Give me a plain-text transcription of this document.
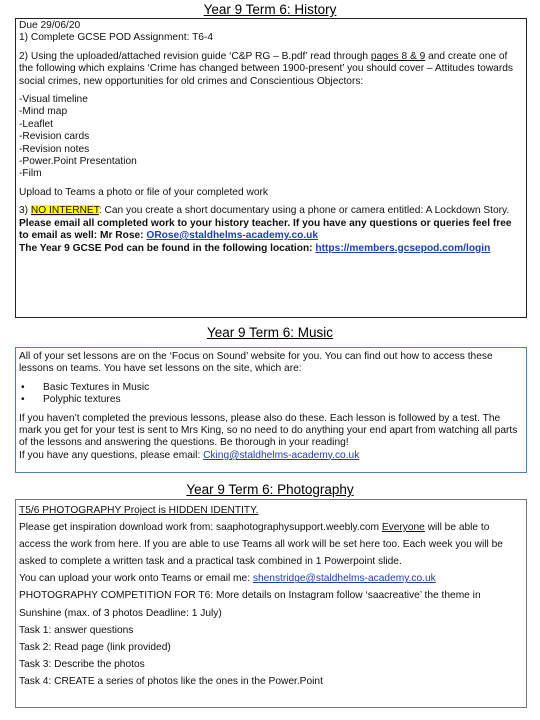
Year 9 Term 6: History

Due 29/06/20

1) Complete GCSE POD Assignment: T6-4

2) Using the uploaded/attached revision guide ‘C&P RG – B.pdf’ read through pages 8 & 9 and create one of the following which explains ‘Crime has changed between 1900-present’ you should cover – Attitudes towards social crimes, new opportunities for old crimes and Conscientious Objectors:

-Visual timeline

-Mind map

-Leaflet

-Revision cards

-Revision notes

-Power.Point Presentation

-Film

Upload to Teams a photo or file of your completed work

3) NO INTERNET: Can you create a short documentary using a phone or camera entitled: A Lockdown Story.

Please email all completed work to your history teacher. If you have any questions or queries feel free to email as well: Mr Rose: ORose@staldhelms-academy.co.uk

The Year 9 GCSE Pod can be found in the following location: https://members.gcsepod.com/login

Year 9 Term 6: Music

All of your set lessons are on the ‘Focus on Sound’ website for you. You can find out how to access these lessons on teams. You have set lessons on the site, which are:

•	Basic Textures in Music
•	Polyphic textures

If you haven’t completed the previous lessons, please also do these. Each lesson is followed by a test. The mark you get for your test is sent to Mrs King, so no need to do anything your end apart from watching all parts of the lessons and answering the questions. Be thorough in your reading!

If you have any questions, please email: Cking@staldhelms-academy.co.uk

Year 9 Term 6: Photography

T5/6 PHOTOGRAPHY Project is HIDDEN IDENTITY.

Please get inspiration download work from: saaphotographysupport.weebly.com Everyone will be able to access the work from here. If you are able to use Teams all work will be set here too. Each week you will be asked to complete a written task and a practical task combined in 1 Powerpoint slide.

You can upload your work onto Teams or email me: shenstridge@staldhelms-academy.co.uk

PHOTOGRAPHY COMPETITION FOR T6: More details on Instagram follow ‘saacreative’ the theme in Sunshine (max. of 3 photos Deadline: 1 July)

Task 1: answer questions

Task 2: Read page (link provided)

Task 3: Describe the photos

Task 4: CREATE a series of photos like the ones in the Power.Point
